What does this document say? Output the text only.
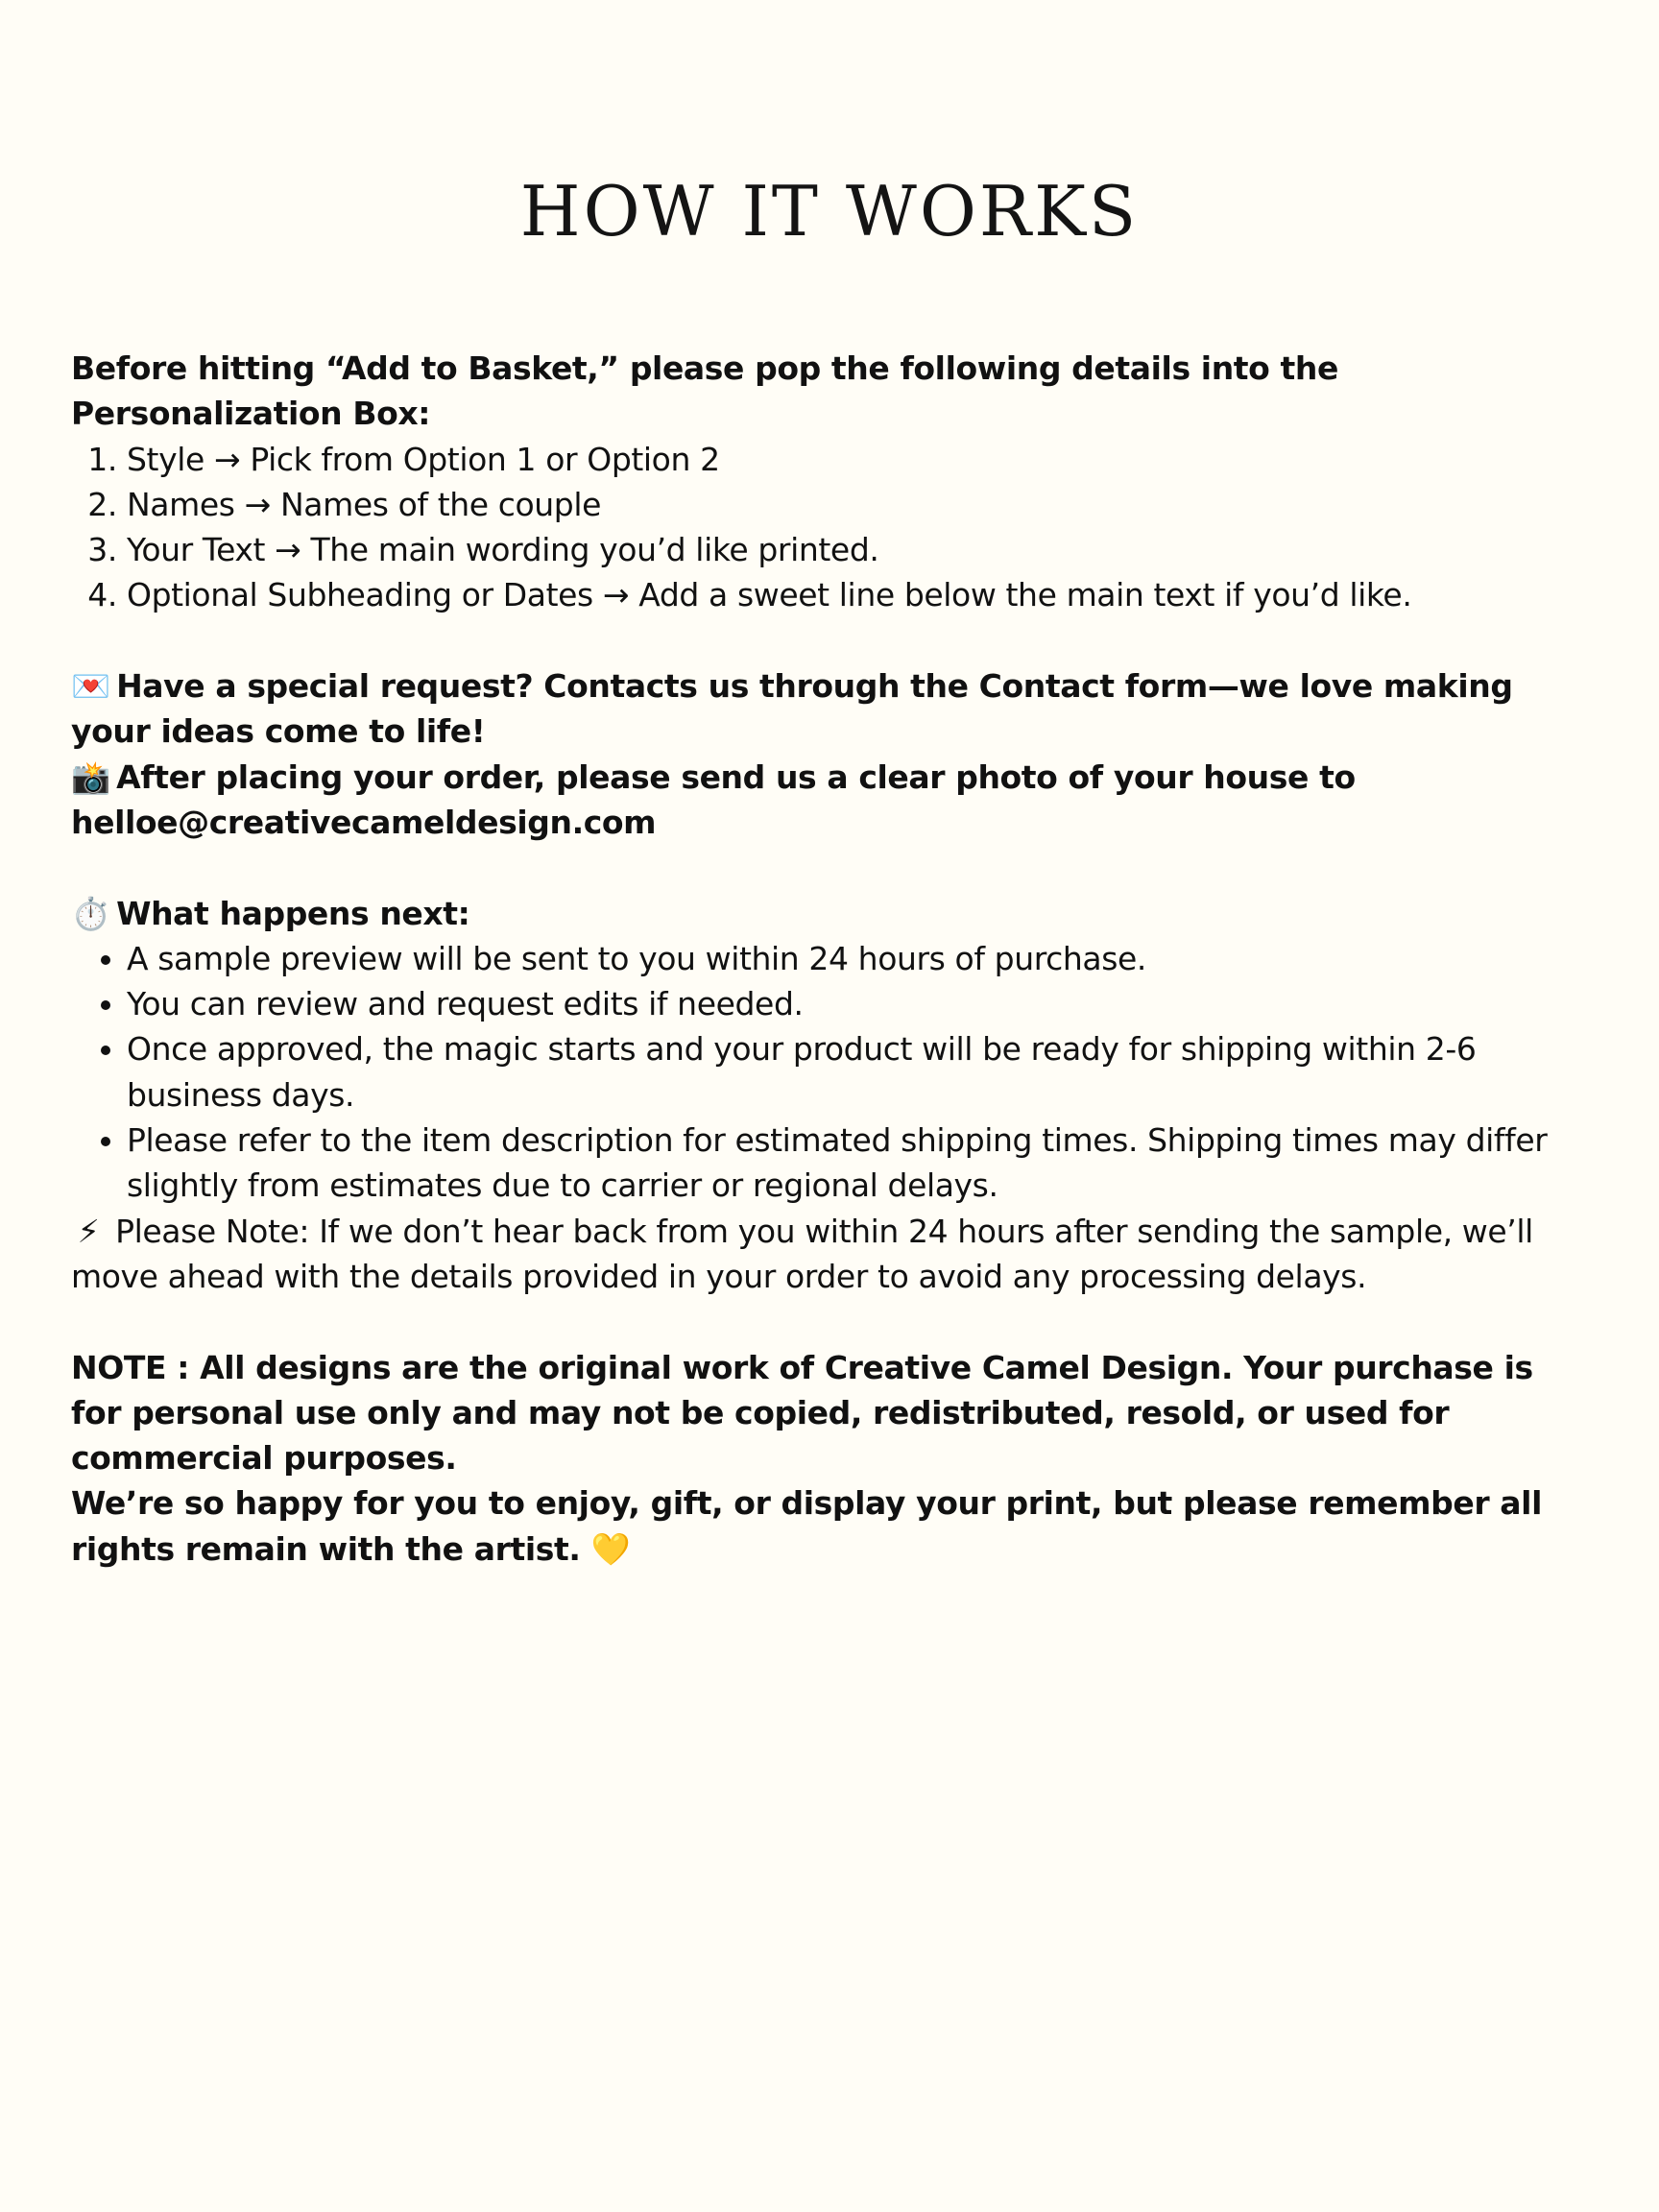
HOW IT WORKS

Before hitting “Add to Basket,” please pop the following details into the Personalization Box:

1. Style → Pick from Option 1 or Option 2
2. Names → Names of the couple
3. Your Text → The main wording you’d like printed.
4. Optional Subheading or Dates → Add a sweet line below the main text if you’d like.

💌 Have a special request? Contacts us through the Contact form—we love making your ideas come to life!

📸 After placing your order, please send us a clear photo of your house to
helloe@creativecameldesign.com

⏱️ What happens next:

• A sample preview will be sent to you within 24 hours of purchase.
• You can review and request edits if needed.
• Once approved, the magic starts and your product will be ready for shipping within 2-6 business days.
• Please refer to the item description for estimated shipping times. Shipping times may differ slightly from estimates due to carrier or regional delays.

⚡ Please Note: If we don’t hear back from you within 24 hours after sending the sample, we’ll move ahead with the details provided in your order to avoid any processing delays.

NOTE : All designs are the original work of Creative Camel Design. Your purchase is for personal use only and may not be copied, redistributed, resold, or used for commercial purposes.

We’re so happy for you to enjoy, gift, or display your print, but please remember all rights remain with the artist. 💛
